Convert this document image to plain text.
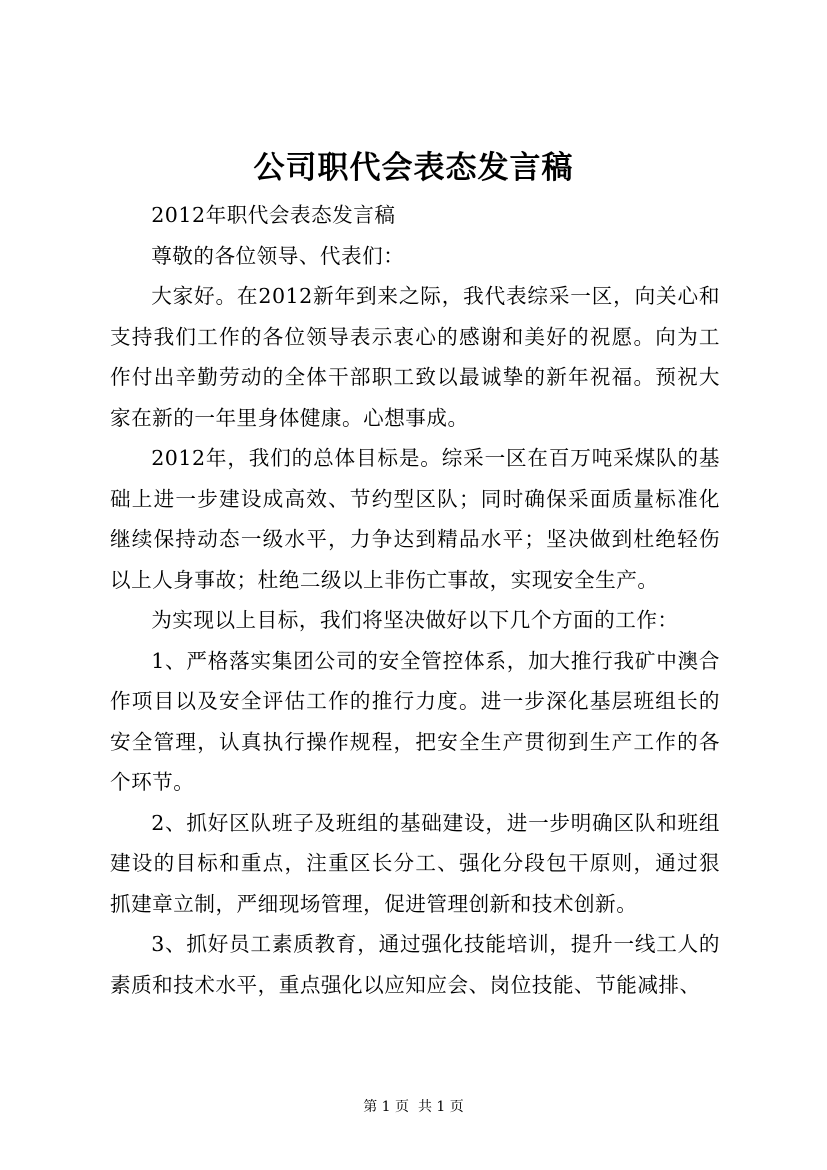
公司职代会表态发言稿

2012年职代会表态发言稿

尊敬的各位领导、代表们：

大家好。在2012新年到来之际，我代表综采一区，向关心和支持我们工作的各位领导表示衷心的感谢和美好的祝愿。向为工作付出辛勤劳动的全体干部职工致以最诚挚的新年祝福。预祝大家在新的一年里身体健康。心想事成。

2012年，我们的总体目标是。综采一区在百万吨采煤队的基础上进一步建设成高效、节约型区队；同时确保采面质量标准化继续保持动态一级水平，力争达到精品水平；坚决做到杜绝轻伤以上人身事故；杜绝二级以上非伤亡事故，实现安全生产。

为实现以上目标，我们将坚决做好以下几个方面的工作：

1、严格落实集团公司的安全管控体系，加大推行我矿中澳合作项目以及安全评估工作的推行力度。进一步深化基层班组长的安全管理，认真执行操作规程，把安全生产贯彻到生产工作的各个环节。

2、抓好区队班子及班组的基础建设，进一步明确区队和班组建设的目标和重点，注重区长分工、强化分段包干原则，通过狠抓建章立制，严细现场管理，促进管理创新和技术创新。

3、抓好员工素质教育，通过强化技能培训，提升一线工人的素质和技术水平，重点强化以应知应会、岗位技能、节能减排、

第 1 页  共 1 页
